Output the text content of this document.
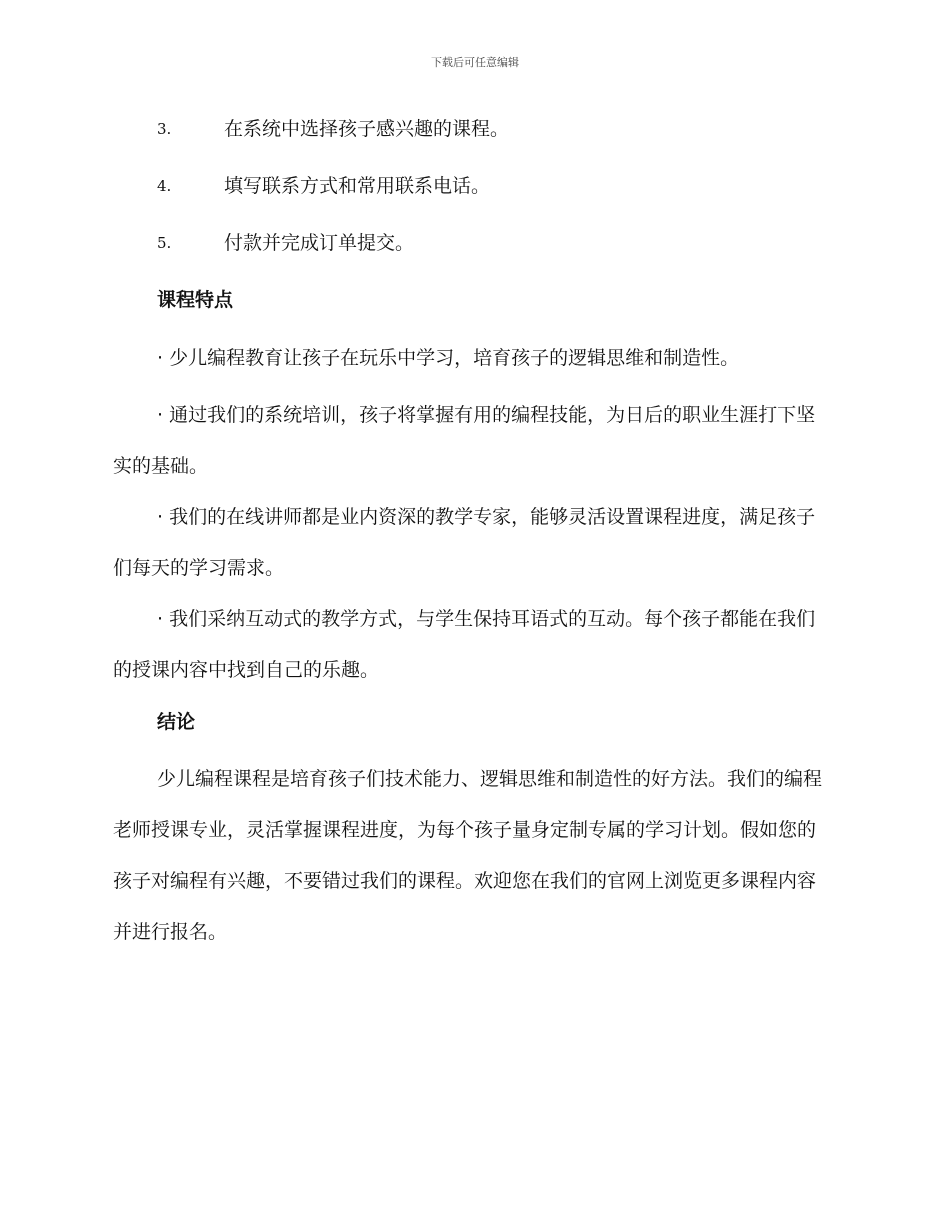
下载后可任意编辑
3.	在系统中选择孩子感兴趣的课程。
4.	填写联系方式和常用联系电话。
5.	付款并完成订单提交。
课程特点

· 少儿编程教育让孩子在玩乐中学习，培育孩子的逻辑思维和制造性。

· 通过我们的系统培训，孩子将掌握有用的编程技能，为日后的职业生涯打下坚实的基础。

· 我们的在线讲师都是业内资深的教学专家，能够灵活设置课程进度，满足孩子们每天的学习需求。

· 我们采纳互动式的教学方式，与学生保持耳语式的互动。每个孩子都能在我们的授课内容中找到自己的乐趣。

结论

少儿编程课程是培育孩子们技术能力、逻辑思维和制造性的好方法。我们的编程老师授课专业，灵活掌握课程进度，为每个孩子量身定制专属的学习计划。假如您的孩子对编程有兴趣，不要错过我们的课程。欢迎您在我们的官网上浏览更多课程内容并进行报名。
